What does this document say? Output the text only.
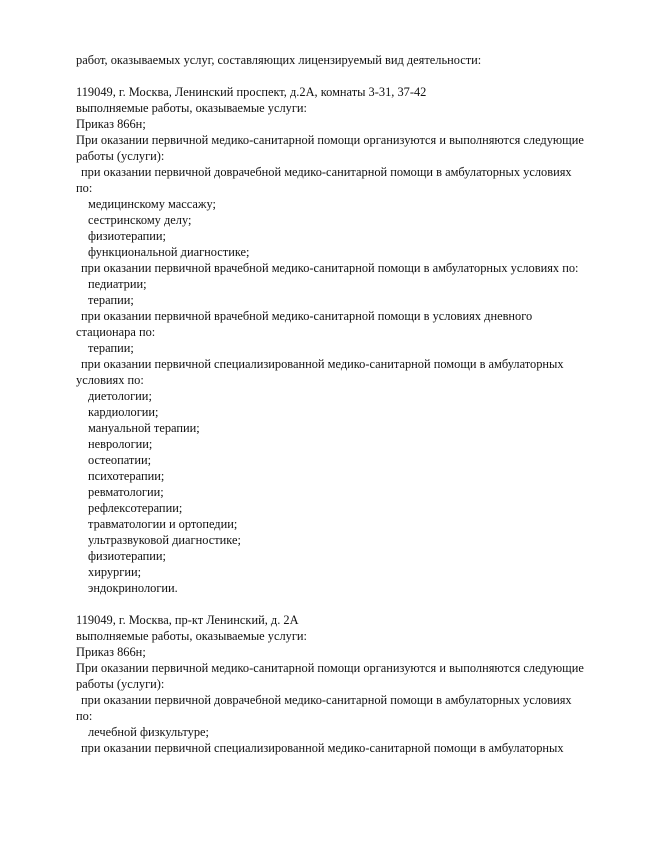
работ, оказываемых услуг, составляющих лицензируемый вид деятельности:
119049, г. Москва, Ленинский проспект, д.2А, комнаты 3-31, 37-42
выполняемые работы, оказываемые услуги:
Приказ 866н;
При оказании первичной медико-санитарной помощи организуются и выполняются следующие
работы (услуги):
при оказании первичной доврачебной медико-санитарной помощи в амбулаторных условиях
по:
медицинскому массажу;
сестринскому делу;
физиотерапии;
функциональной диагностике;
при оказании первичной врачебной медико-санитарной помощи в амбулаторных условиях по:
педиатрии;
терапии;
при оказании первичной врачебной медико-санитарной помощи в условиях дневного
стационара по:
терапии;
при оказании первичной специализированной медико-санитарной помощи в амбулаторных
условиях по:
диетологии;
кардиологии;
мануальной терапии;
неврологии;
остеопатии;
психотерапии;
ревматологии;
рефлексотерапии;
травматологии и ортопедии;
ультразвуковой диагностике;
физиотерапии;
хирургии;
эндокринологии.
119049, г. Москва, пр-кт Ленинский, д. 2А
выполняемые работы, оказываемые услуги:
Приказ 866н;
При оказании первичной медико-санитарной помощи организуются и выполняются следующие
работы (услуги):
при оказании первичной доврачебной медико-санитарной помощи в амбулаторных условиях
по:
лечебной физкультуре;
при оказании первичной специализированной медико-санитарной помощи в амбулаторных
